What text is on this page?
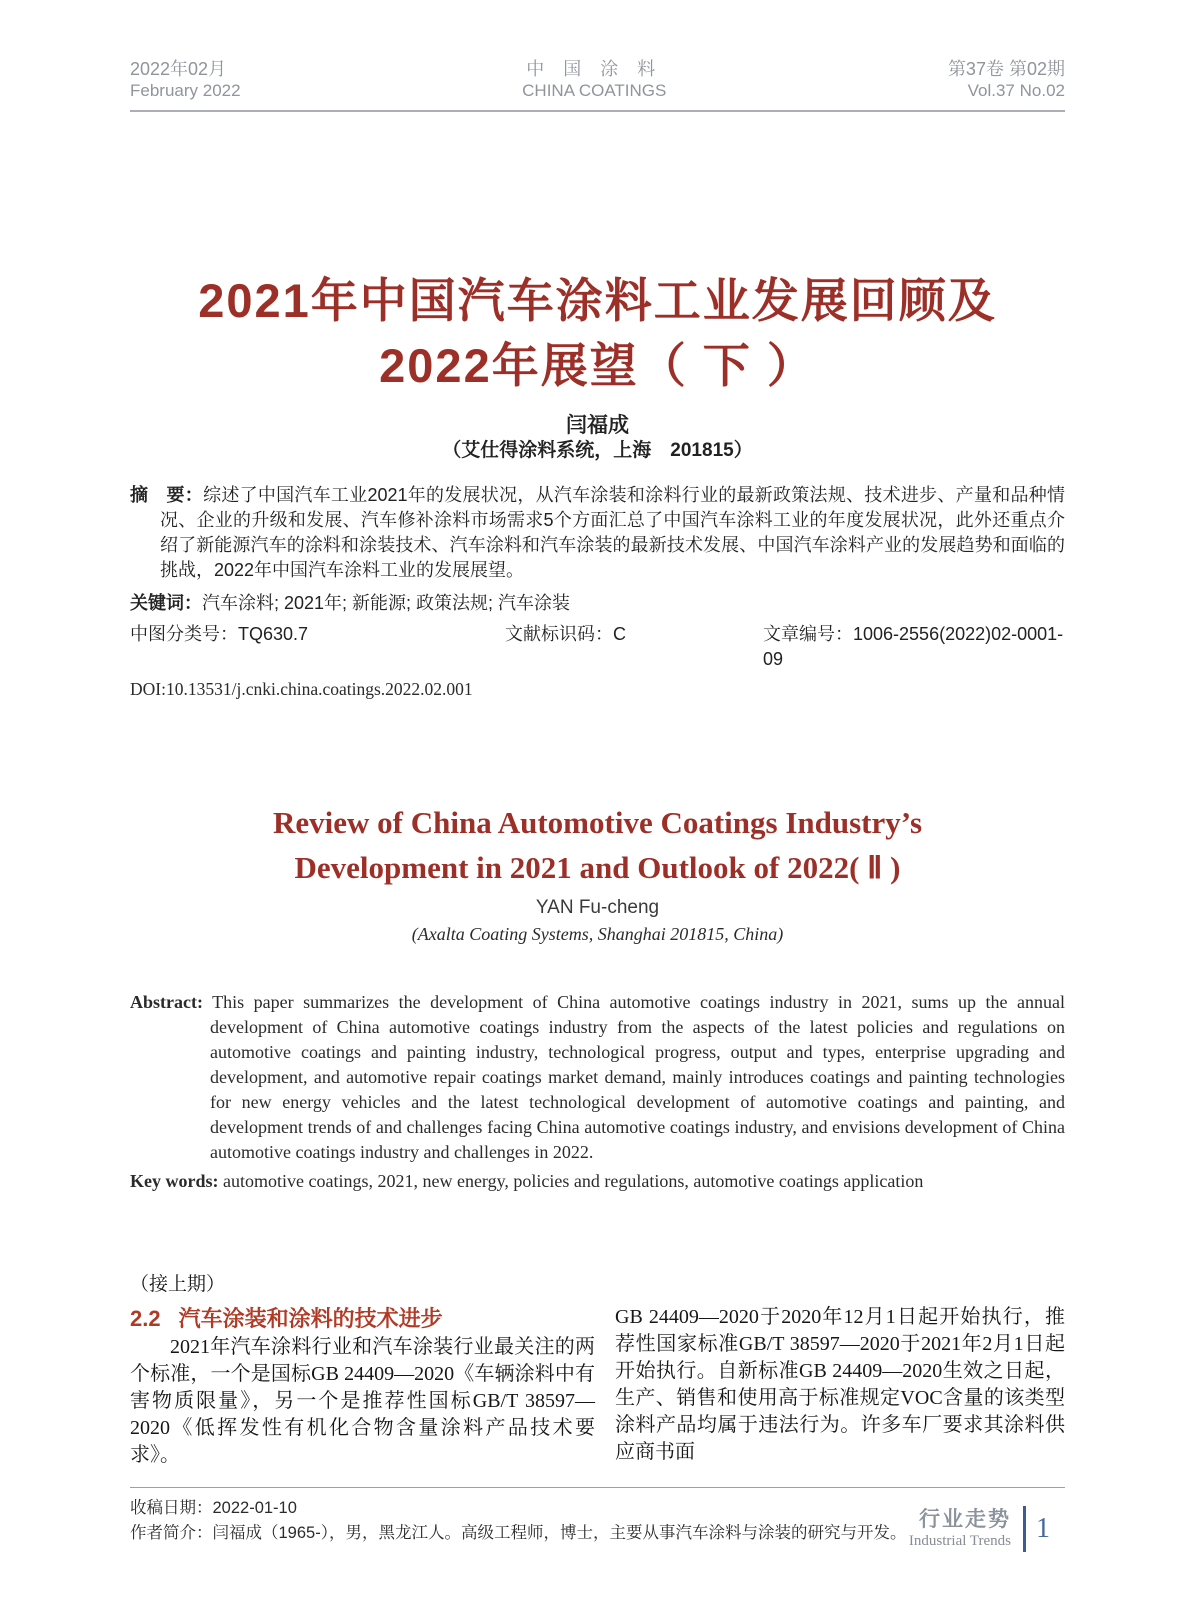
2022年02月
February 2022
中 国 涂 料
CHINA COATINGS
第37卷 第02期
Vol.37 No.02
2021年中国汽车涂料工业发展回顾及
2022年展望（ 下 ）
闫福成
（艾仕得涂料系统，上海　201815）
摘　要：综述了中国汽车工业2021年的发展状况，从汽车涂装和涂料行业的最新政策法规、技术进步、产量和品种情况、企业的升级和发展、汽车修补涂料市场需求5个方面汇总了中国汽车涂料工业的年度发展状况，此外还重点介绍了新能源汽车的涂料和涂装技术、汽车涂料和汽车涂装的最新技术发展、中国汽车涂料产业的发展趋势和面临的挑战，2022年中国汽车涂料工业的发展展望。
关键词：汽车涂料; 2021年; 新能源; 政策法规; 汽车涂装
中图分类号：TQ630.7	文献标识码：C	文章编号：1006-2556(2022)02-0001-09
DOI:10.13531/j.cnki.china.coatings.2022.02.001
Review of China Automotive Coatings Industry’s
Development in 2021 and Outlook of 2022( Ⅱ )
YAN Fu-cheng
(Axalta Coating Systems, Shanghai 201815, China)
Abstract: This paper summarizes the development of China automotive coatings industry in 2021, sums up the annual development of China automotive coatings industry from the aspects of the latest policies and regulations on automotive coatings and painting industry, technological progress, output and types, enterprise upgrading and development, and automotive repair coatings market demand, mainly introduces coatings and painting technologies for new energy vehicles and the latest technological development of automotive coatings and painting, and development trends of and challenges facing China automotive coatings industry, and envisions development of China automotive coatings industry and challenges in 2022.
Key words: automotive coatings, 2021, new energy, policies and regulations, automotive coatings application
（接上期）
2.2 汽车涂装和涂料的技术进步
2021年汽车涂料行业和汽车涂装行业最关注的两个标准，一个是国标GB 24409—2020《车辆涂料中有害物质限量》，另一个是推荐性国标GB/T 38597—2020《低挥发性有机化合物含量涂料产品技术要求》。
GB 24409—2020于2020年12月1日起开始执行，推荐性国家标准GB/T 38597—2020于2021年2月1日起开始执行。自新标准GB 24409—2020生效之日起，生产、销售和使用高于标准规定VOC含量的该类型涂料产品均属于违法行为。许多车厂要求其涂料供应商书面
收稿日期：2022-01-10
作者简介：闫福成（1965-），男，黑龙江人。高级工程师，博士，主要从事汽车涂料与涂装的研究与开发。
行业走势
Industrial Trends 1
